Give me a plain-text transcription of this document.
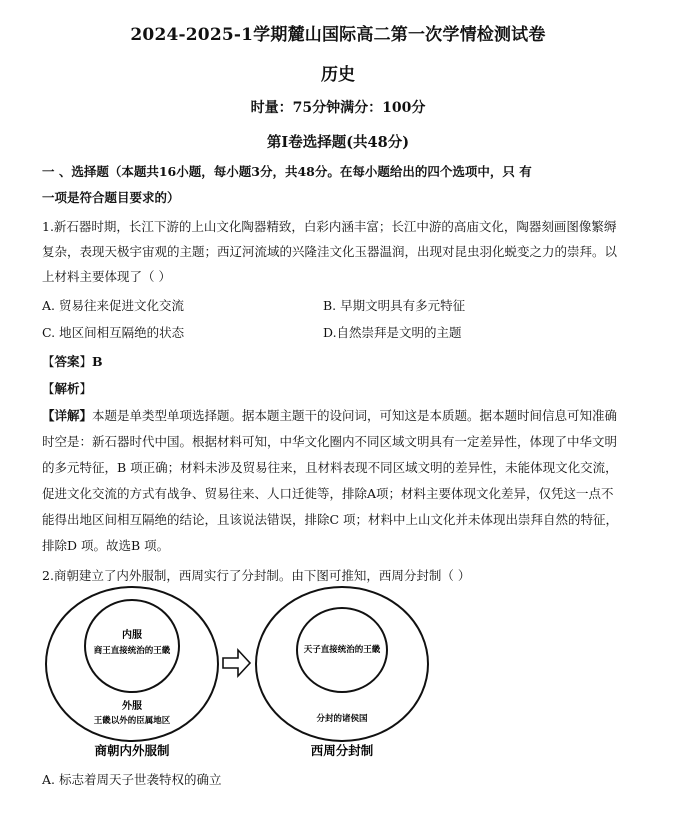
2024-2025-1学期麓山国际高二第一次学情检测试卷
历史
时量：75分钟满分：100分
第Ⅰ卷选择题(共48分)
一 、选择题（本题共16小题，每小题3分，共48分。在每小题给出的四个选项中，只 有
一项是符合题目要求的）
1.新石器时期，长江下游的上山文化陶器精致，白彩内涵丰富；长江中游的高庙文化，陶器刻画图像繁缛
复杂，表现天极宇宙观的主题；西辽河流域的兴隆洼文化玉器温润，出现对昆虫羽化蜕变之力的崇拜。以
上材料主要体现了（ ）
A. 贸易往来促进文化交流	B. 早期文明具有多元特征
C. 地区间相互隔绝的状态	D.自然崇拜是文明的主题
【答案】B
【解析】
【详解】本题是单类型单项选择题。据本题主题干的设问词，可知这是本质题。据本题时间信息可知准确
时空是：新石器时代中国。根据材料可知，中华文化圈内不同区域文明具有一定差异性，体现了中华文明
的多元特征，B 项正确；材料未涉及贸易往来，且材料表现不同区域文明的差异性，未能体现文化交流，
促进文化交流的方式有战争、贸易往来、人口迁徙等，排除A项；材料主要体现文化差异，仅凭这一点不
能得出地区间相互隔绝的结论，且该说法错误，排除C 项；材料中上山文化并未体现出崇拜自然的特征，
排除D 项。故选B 项。
2.商朝建立了内外服制，西周实行了分封制。由下图可推知，西周分封制（ ）
内服
商王直接统治的王畿
外服
王畿以外的臣属地区
商朝内外服制
天子直接统治的王畿
分封的诸侯国
西周分封制
A. 标志着周天子世袭特权的确立
